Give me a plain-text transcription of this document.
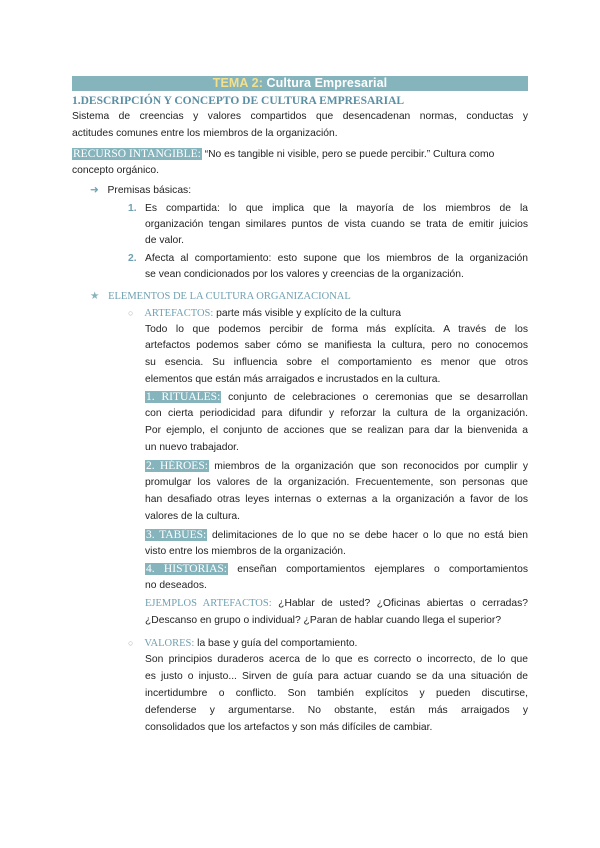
TEMA 2: Cultura Empresarial
1.DESCRIPCIÓN Y CONCEPTO DE CULTURA EMPRESARIAL
Sistema de creencias y valores compartidos que desencadenan normas, conductas y
actitudes comunes entre los miembros de la organización.
RECURSO INTANGIBLE: “No es tangible ni visible, pero se puede percibir.” Cultura como
concepto orgánico.
➜ Premisas básicas:
1. Es compartida: lo que implica que la mayoría de los miembros de la
organización tengan similares puntos de vista cuando se trata de emitir juicios
de valor.
2. Afecta al comportamiento: esto supone que los miembros de la organización
se vean condicionados por los valores y creencias de la organización.
★ ELEMENTOS DE LA CULTURA ORGANIZACIONAL
○ ARTEFACTOS: parte más visible y explícito de la cultura
Todo lo que podemos percibir de forma más explícita. A través de los
artefactos podemos saber cómo se manifiesta la cultura, pero no conocemos
su esencia. Su influencia sobre el comportamiento es menor que otros
elementos que están más arraigados e incrustados en la cultura.
1. RITUALES: conjunto de celebraciones o ceremonias que se desarrollan
con cierta periodicidad para difundir y reforzar la cultura de la organización.
Por ejemplo, el conjunto de acciones que se realizan para dar la bienvenida a
un nuevo trabajador.
2. HÉROES: miembros de la organización que son reconocidos por cumplir y
promulgar los valores de la organización. Frecuentemente, son personas que
han desafiado otras leyes internas o externas a la organización a favor de los
valores de la cultura.
3. TABÚES: delimitaciones de lo que no se debe hacer o lo que no está bien
visto entre los miembros de la organización.
4. HISTORIAS: enseñan comportamientos ejemplares o comportamientos
no deseados.
EJEMPLOS ARTEFACTOS: ¿Hablar de usted? ¿Oficinas abiertas o cerradas?
¿Descanso en grupo o individual? ¿Paran de hablar cuando llega el superior?
○ VALORES: la base y guía del comportamiento.
Son principios duraderos acerca de lo que es correcto o incorrecto, de lo que
es justo o injusto... Sirven de guía para actuar cuando se da una situación de
incertidumbre o conflicto. Son también explícitos y pueden discutirse,
defenderse y argumentarse. No obstante, están más arraigados y
consolidados que los artefactos y son más difíciles de cambiar.
